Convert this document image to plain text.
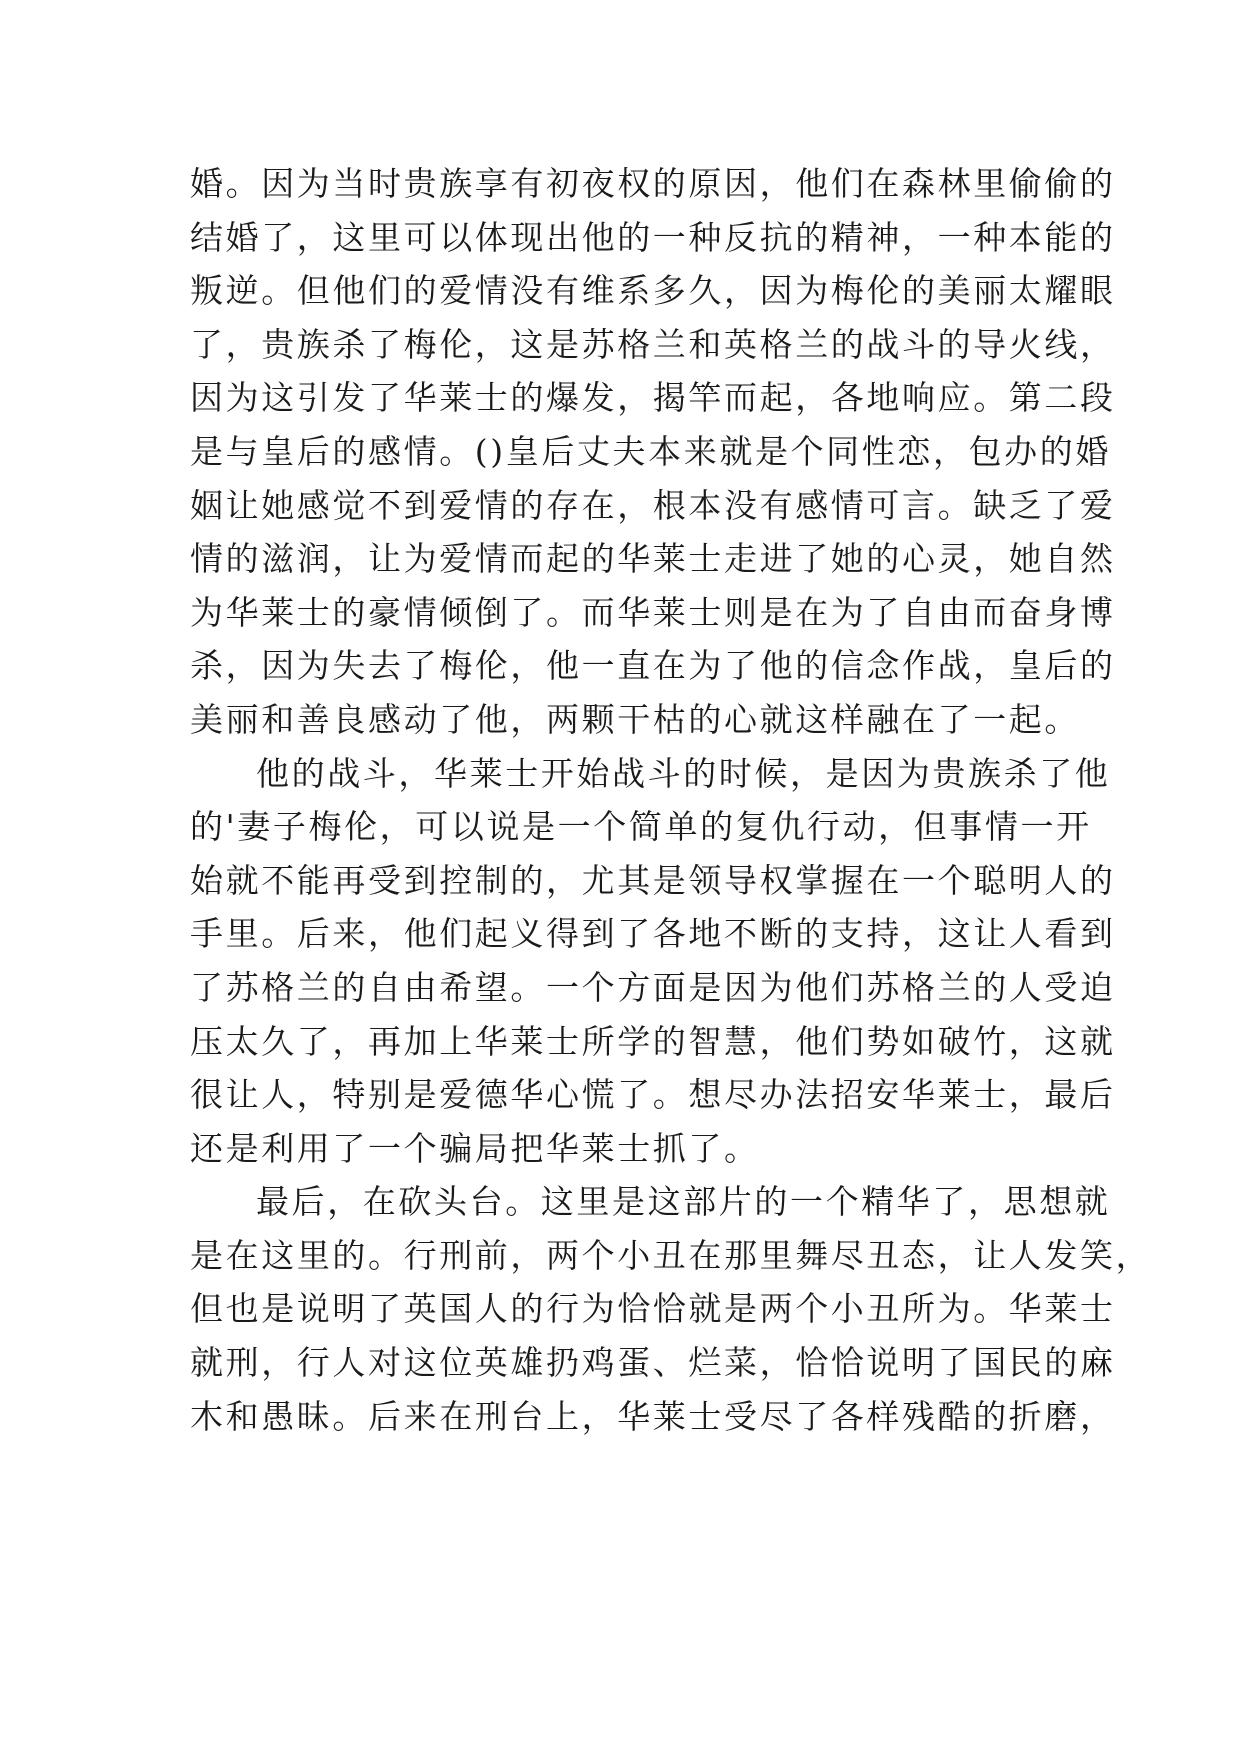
婚。因为当时贵族享有初夜权的原因，他们在森林里偷偷的
结婚了，这里可以体现出他的一种反抗的精神，一种本能的
叛逆。但他们的爱情没有维系多久，因为梅伦的美丽太耀眼
了，贵族杀了梅伦，这是苏格兰和英格兰的战斗的导火线，
因为这引发了华莱士的爆发，揭竿而起，各地响应。第二段
是与皇后的感情。()皇后丈夫本来就是个同性恋，包办的婚
姻让她感觉不到爱情的存在，根本没有感情可言。缺乏了爱
情的滋润，让为爱情而起的华莱士走进了她的心灵，她自然
为华莱士的豪情倾倒了。而华莱士则是在为了自由而奋身博
杀，因为失去了梅伦，他一直在为了他的信念作战，皇后的
美丽和善良感动了他，两颗干枯的心就这样融在了一起。
他的战斗，华莱士开始战斗的时候，是因为贵族杀了他
的'妻子梅伦，可以说是一个简单的复仇行动，但事情一开
始就不能再受到控制的，尤其是领导权掌握在一个聪明人的
手里。后来，他们起义得到了各地不断的支持，这让人看到
了苏格兰的自由希望。一个方面是因为他们苏格兰的人受迫
压太久了，再加上华莱士所学的智慧，他们势如破竹，这就
很让人，特别是爱德华心慌了。想尽办法招安华莱士，最后
还是利用了一个骗局把华莱士抓了。
最后，在砍头台。这里是这部片的一个精华了，思想就
是在这里的。行刑前，两个小丑在那里舞尽丑态，让人发笑，
但也是说明了英国人的行为恰恰就是两个小丑所为。华莱士
就刑，行人对这位英雄扔鸡蛋、烂菜，恰恰说明了国民的麻
木和愚昧。后来在刑台上，华莱士受尽了各样残酷的折磨，
